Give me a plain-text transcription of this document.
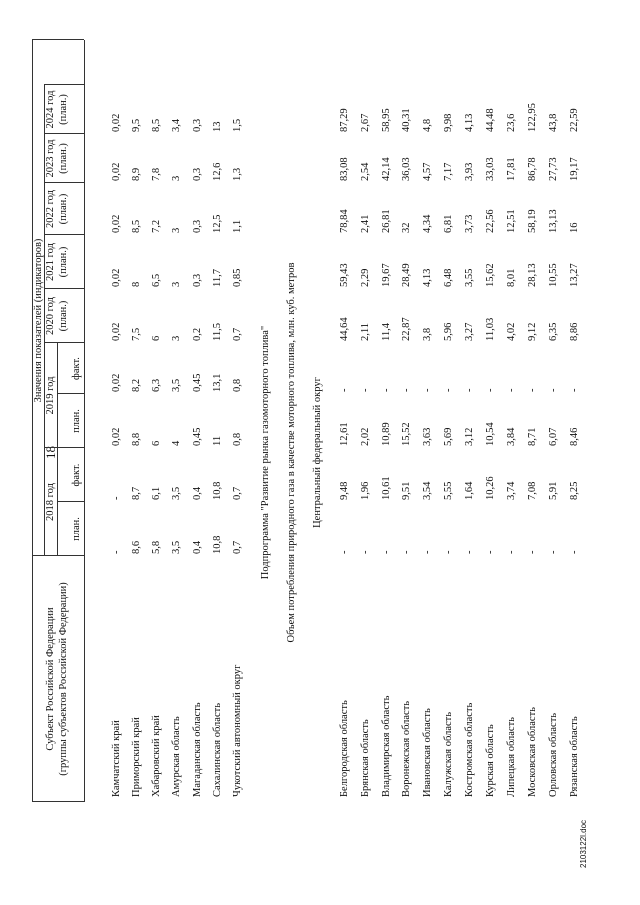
18
Субъект Российской Федерации (группы субъектов Российской Федерации)
Значения показателей (индикаторов)
2018 год
план.
факт.
2019 год
план.
факт.
2020 год (план.)
2021 год (план.)
2022 год (план.)
2023 год (план.)
2024 год (план.)
Камчатский край
-
-
0,02
0,02
0,02
0,02
0,02
0,02
0,02
Приморский край
8,6
8,7
8,8
8,2
7,5
8
8,5
8,9
9,5
Хабаровский край
5,8
6,1
6
6,3
6
6,5
7,2
7,8
8,5
Амурская область
3,5
3,5
4
3,5
3
3
3
3
3,4
Магаданская область
0,4
0,4
0,45
0,45
0,2
0,3
0,3
0,3
0,3
Сахалинская область
10,8
10,8
11
13,1
11,5
11,7
12,5
12,6
13
Чукотский автономный округ
0,7
0,7
0,8
0,8
0,7
0,85
1,1
1,3
1,5
Подпрограмма "Развитие рынка газомоторного топлива" Объем потребления природного газа в качестве моторного топлива, млн. куб. метров Центральный федеральный округ
Белгородская область
-
9,48
12,61
-
44,64
59,43
78,84
83,08
87,29
Брянская область
-
1,96
2,02
-
2,11
2,29
2,41
2,54
2,67
Владимирская область
-
10,61
10,89
-
11,4
19,67
26,81
42,14
58,95
Воронежская область
-
9,51
15,52
-
22,87
28,49
32
36,03
40,31
Ивановская область
-
3,54
3,63
-
3,8
4,13
4,34
4,57
4,8
Калужская область
-
5,55
5,69
-
5,96
6,48
6,81
7,17
9,98
Костромская область
-
1,64
3,12
-
3,27
3,55
3,73
3,93
4,13
Курская область
-
10,26
10,54
-
11,03
15,62
22,56
33,03
44,48
Липецкая область
-
3,74
3,84
-
4,02
8,01
12,51
17,81
23,6
Московская область
-
7,08
8,71
-
9,12
28,13
58,19
86,78
122,95
Орловская область
-
5,91
6,07
-
6,35
10,55
13,13
27,73
43,8
Рязанская область
-
8,25
8,46
-
8,86
13,27
16
19,17
22,59
2103122l.doc
